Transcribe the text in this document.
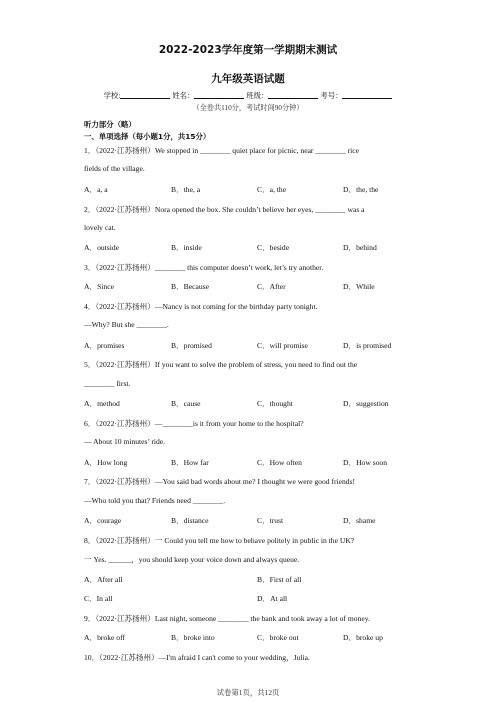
2022-2023学年度第一学期期末测试
九年级英语试题
学校:	姓名：	班级：	考号：
（全卷共110分，考试时间90分钟）
听力部分（略）
一、单项选择（每小题1分，共15分）
1．（2022·江苏扬州）We stopped in ________ quiet place for picnic, near ________ rice
fields of the village.
A．a, a	B．the, a	C．a, the	D．the, the
2．（2022·江苏扬州）Nora opened the box. She couldn’t believe her eyes, ________ was a
lovely cat.
A．outside	B．inside	C．beside	D．behind
3．（2022·江苏扬州）________ this computer doesn’t work, let’s try another.
A．Since	B．Because	C．After	D．While
4．（2022·江苏扬州）—Nancy is not coming for the birthday party tonight.
—Why? But she ________.
A．promises	B．promised	C．will promise	D．is promised
5．（2022·江苏扬州）If you want to solve the problem of stress, you need to find out the
________ first.
A．method	B．cause	C．thought	D．suggestion
6．（2022·江苏扬州）—________is it from your home to the hospital?
— About 10 minutes’ ride.
A．How long	B．How far	C．How often	D．How soon
7．（2022·江苏扬州）—You said bad words about me? I thought we were good friends!
—Who told you that? Friends need ________.
A．courage	B．distance	C．trust	D．shame
8．（2022·江苏扬州）一 Could you tell me how to behave politely in public in the UK?
一 Yes. ______，you should keep your voice down and always queue.
A．After all	B．First of all
C．In all	D．At all
9．（2022·江苏扬州）Last night, someone ________ the bank and took away a lot of money.
A．broke off	B．broke into	C．broke out	D．broke up
10．（2022·江苏扬州）—I'm afraid I can't come to your wedding，Julia.
试卷第1页，共12页
